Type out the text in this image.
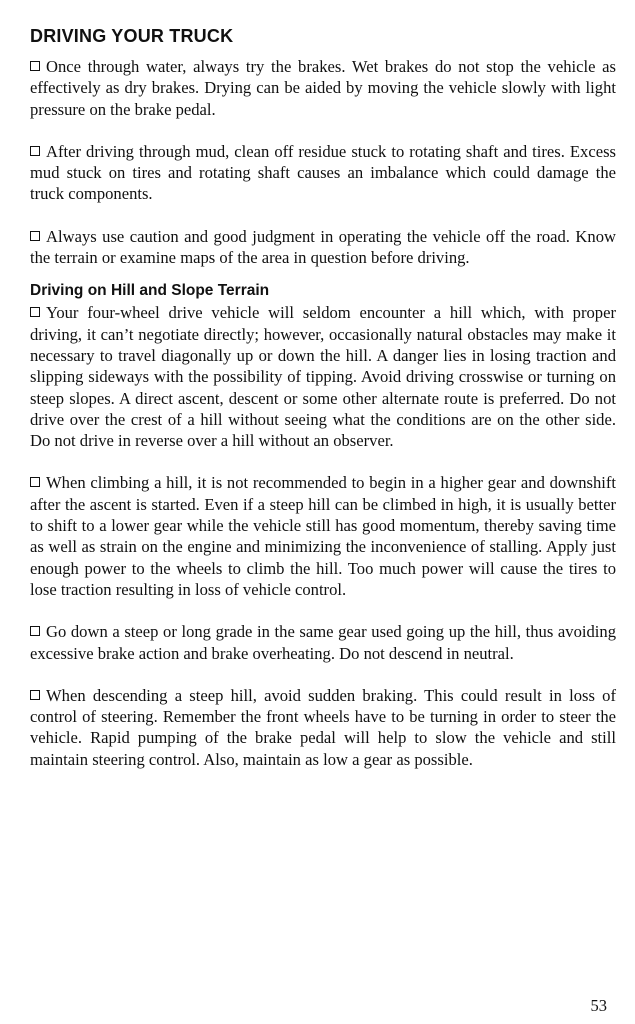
DRIVING YOUR TRUCK

Once through water, always try the brakes. Wet brakes do not stop the vehicle as effectively as dry brakes. Drying can be aided by moving the vehicle slowly with light pressure on the brake pedal.

After driving through mud, clean off residue stuck to rotating shaft and tires. Excess mud stuck on tires and rotating shaft causes an imbalance which could damage the truck components.

Always use caution and good judgment in operating the vehicle off the road. Know the terrain or examine maps of the area in question before driving.

Driving on Hill and Slope Terrain

Your four-wheel drive vehicle will seldom encounter a hill which, with proper driving, it can’t negotiate directly; however, occasionally natural obstacles may make it necessary to travel diagonally up or down the hill. A danger lies in losing traction and slipping sideways with the possibility of tipping. Avoid driving crosswise or turning on steep slopes. A direct ascent, descent or some other alternate route is preferred. Do not drive over the crest of a hill without seeing what the conditions are on the other side. Do not drive in reverse over a hill without an observer.

When climbing a hill, it is not recommended to begin in a higher gear and downshift after the ascent is started. Even if a steep hill can be climbed in high, it is usually better to shift to a lower gear while the vehicle still has good momentum, thereby saving time as well as strain on the engine and minimizing the inconvenience of stalling. Apply just enough power to the wheels to climb the hill. Too much power will cause the tires to lose traction resulting in loss of vehicle control.

Go down a steep or long grade in the same gear used going up the hill, thus avoiding excessive brake action and brake overheating. Do not descend in neutral.

When descending a steep hill, avoid sudden braking. This could result in loss of control of steering. Remember the front wheels have to be turning in order to steer the vehicle. Rapid pumping of the brake pedal will help to slow the vehicle and still maintain steering control. Also, maintain as low a gear as possible.

53
